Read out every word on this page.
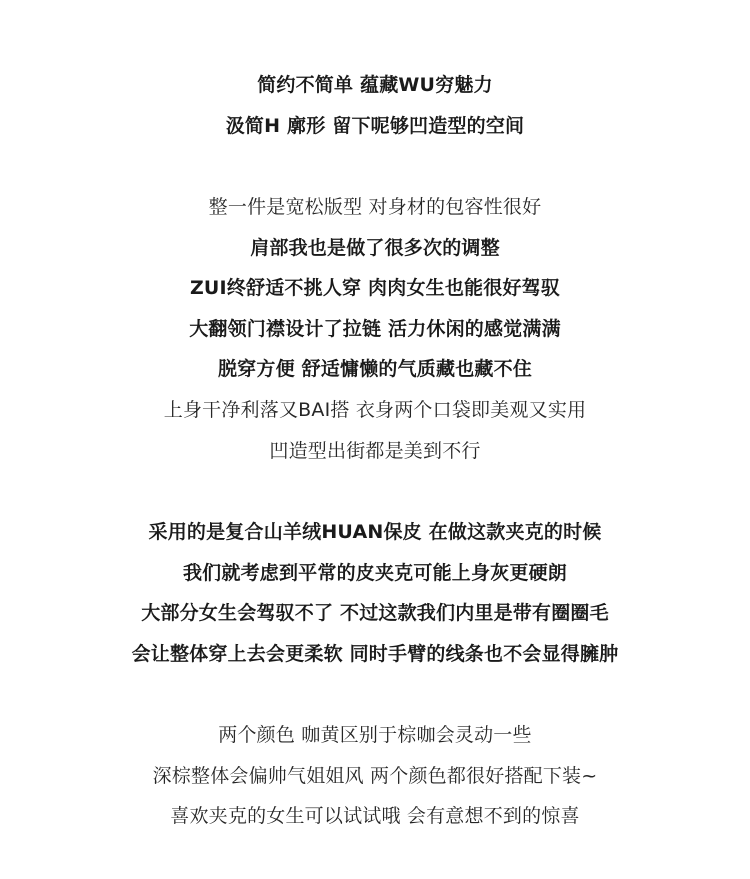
简约不简单 蕴藏WU穷魅力
汲简H 廓形 留下呢够凹造型的空间
整一件是宽松版型 对身材的包容性很好
肩部我也是做了很多次的调整
ZUI终舒适不挑人穿 肉肉女生也能很好驾驭
大翻领门襟设计了拉链 活力休闲的感觉满满
脱穿方便 舒适慵懒的气质藏也藏不住
上身干净利落又BAI搭 衣身两个口袋即美观又实用
凹造型出街都是美到不行
采用的是复合山羊绒HUAN保皮 在做这款夹克的时候
我们就考虑到平常的皮夹克可能上身灰更硬朗
大部分女生会驾驭不了 不过这款我们内里是带有圈圈毛
会让整体穿上去会更柔软 同时手臂的线条也不会显得臃肿
两个颜色 咖黄区别于棕咖会灵动一些
深棕整体会偏帅气姐姐风 两个颜色都很好搭配下装~
喜欢夹克的女生可以试试哦 会有意想不到的惊喜
